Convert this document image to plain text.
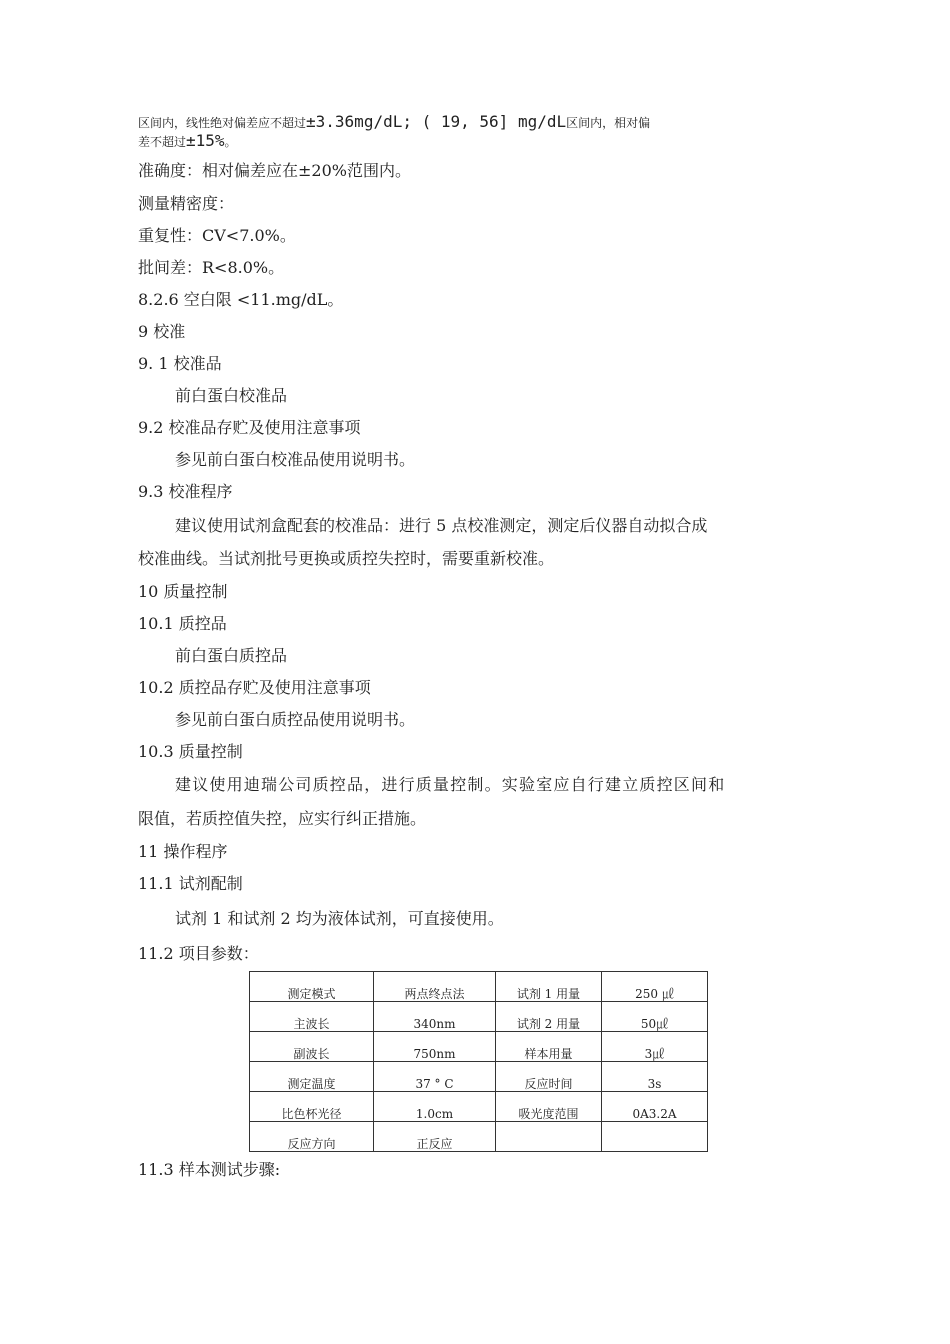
区间内，线性绝对偏差应不超过±3.36mg/dL; ( 19, 56] mg/dL区间内，相对偏
差不超过±15%。
准确度：相对偏差应在±20%范围内。
测量精密度：
重复性：CV<7.0%。
批间差：R<8.0%。
8.2.6 空白限 <11.mg/dL。
9 校准
9. 1 校准品
前白蛋白校准品
9.2 校准品存贮及使用注意事项
参见前白蛋白校准品使用说明书。
9.3 校准程序
建议使用试剂盒配套的校准品：进行 5 点校准测定，测定后仪器自动拟合成
校准曲线。当试剂批号更换或质控失控时，需要重新校准。
10 质量控制
10.1 质控品
前白蛋白质控品
10.2 质控品存贮及使用注意事项
参见前白蛋白质控品使用说明书。
10.3 质量控制
建议使用迪瑞公司质控品，进行质量控制。实验室应自行建立质控区间和
限值，若质控值失控，应实行纠正措施。
11 操作程序
11.1 试剂配制
试剂 1 和试剂 2 均为液体试剂，可直接使用。
11.2 项目参数：
测定模式	两点终点法	试剂 1 用量	250 ㎕
主波长	340nm	试剂 2 用量	50㎕
副波长	750nm	样本用量	3㎕
测定温度	37 ° C	反应时间	3s
比色杯光径	1.0cm	吸光度范围	0A3.2A
反应方向	正反应		
11.3 样本测试步骤:
